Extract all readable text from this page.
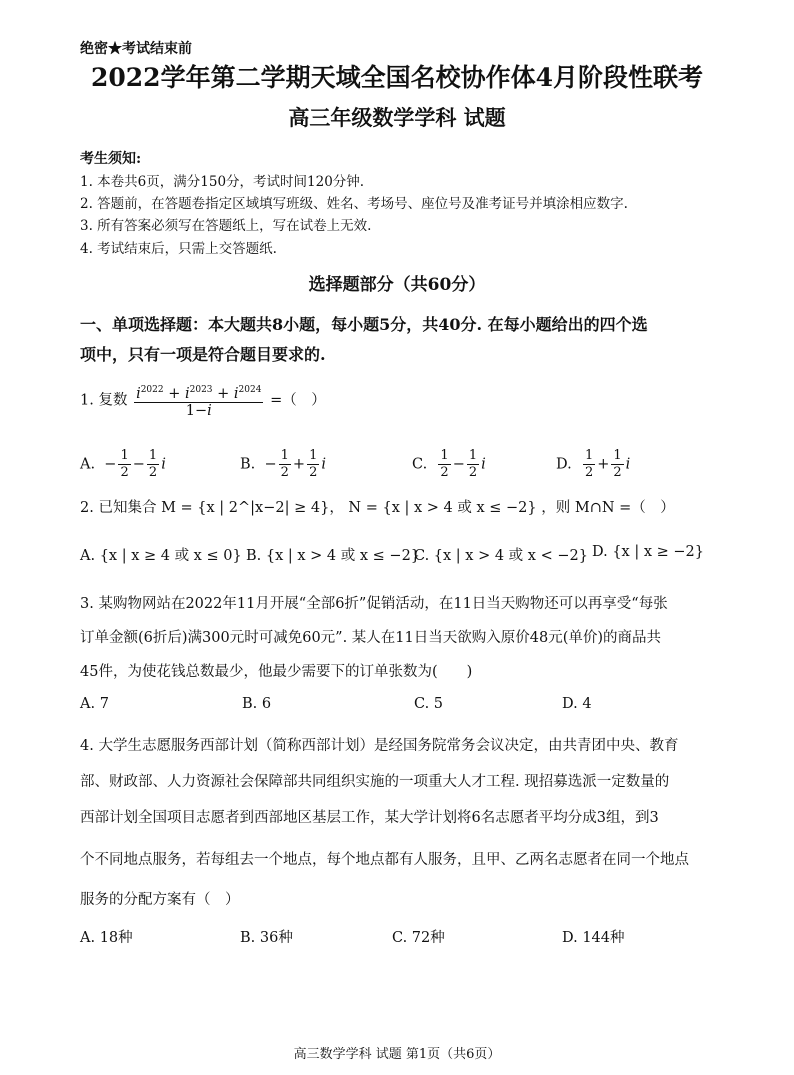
绝密★考试结束前
2022学年第二学期天域全国名校协作体4月阶段性联考
高三年级数学学科 试题
考生须知:
1. 本卷共6页，满分150分，考试时间120分钟.
2. 答题前，在答题卷指定区域填写班级、姓名、考场号、座位号及准考证号并填涂相应数字.
3. 所有答案必须写在答题纸上，写在试卷上无效.
4. 考试结束后，只需上交答题纸.
选择题部分（共60分）
一、单项选择题：本大题共8小题，每小题5分，共40分. 在每小题给出的四个选
项中，只有一项是符合题目要求的.
1. 复数 $\frac{i^{2022} + i^{2023} + i^{2024}}{1-i}$ =（　）
A.  − $\frac{1}{2} - \frac{1}{2}$ i	B.  − $\frac{1}{2} + \frac{1}{2}$ i	C. $\frac{1}{2} - \frac{1}{2}$ i	D. $\frac{1}{2} + \frac{1}{2}$ i
2. 已知集合 M = {x | 2^|x−2| ≥ 4}， N = {x | x > 4 或 x ≤ −2} ，则 M∩N =（　）
A. {x | x ≥ 4 或 x ≤ 0} B. {x | x > 4 或 x ≤ −2}
C. {x | x > 4 或 x < −2} D. {x | x ≥ −2}
3. 某购物网站在2022年11月开展“全部6折”促销活动，在11日当天购物还可以再享受“每张
订单金额(6折后)满300元时可减免60元”. 某人在11日当天欲购入原价48元(单价)的商品共
45件，为使花钱总数最少，他最少需要下的订单张数为(　　)
A. 7	B. 6	C. 5	D. 4
4. 大学生志愿服务西部计划（简称西部计划）是经国务院常务会议决定，由共青团中央、教育
部、财政部、人力资源社会保障部共同组织实施的一项重大人才工程. 现招募选派一定数量的
西部计划全国项目志愿者到西部地区基层工作，某大学计划将6名志愿者平均分成3组，到3
个不同地点服务，若每组去一个地点，每个地点都有人服务，且甲、乙两名志愿者在同一个地点
服务的分配方案有（　）
A. 18种	B. 36种	C. 72种	D. 144种
高三数学学科 试题 第1页（共6页）
